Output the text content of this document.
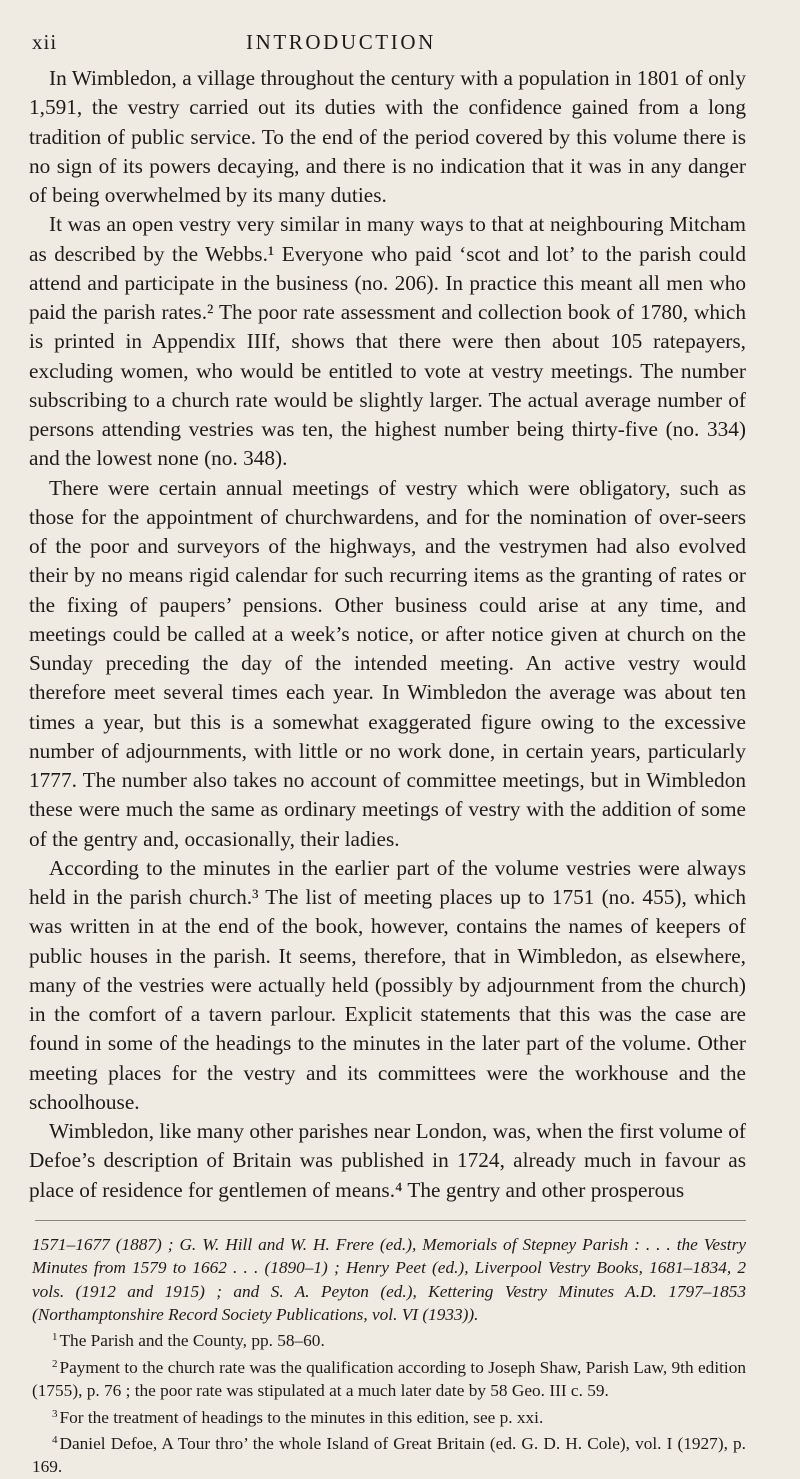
xii	INTRODUCTION

In Wimbledon, a village throughout the century with a population in 1801 of only 1,591, the vestry carried out its duties with the confidence gained from a long tradition of public service. To the end of the period covered by this volume there is no sign of its powers decaying, and there is no indication that it was in any danger of being overwhelmed by its many duties.

It was an open vestry very similar in many ways to that at neighbouring Mitcham as described by the Webbs.¹ Everyone who paid ‘scot and lot’ to the parish could attend and participate in the business (no. 206). In practice this meant all men who paid the parish rates.² The poor rate assessment and collection book of 1780, which is printed in Appendix IIIf, shows that there were then about 105 ratepayers, excluding women, who would be entitled to vote at vestry meetings. The number subscribing to a church rate would be slightly larger. The actual average number of persons attending vestries was ten, the highest number being thirty-five (no. 334) and the lowest none (no. 348).

There were certain annual meetings of vestry which were obligatory, such as those for the appointment of churchwardens, and for the nomination of over-seers of the poor and surveyors of the highways, and the vestrymen had also evolved their by no means rigid calendar for such recurring items as the granting of rates or the fixing of paupers’ pensions. Other business could arise at any time, and meetings could be called at a week’s notice, or after notice given at church on the Sunday preceding the day of the intended meeting. An active vestry would therefore meet several times each year. In Wimbledon the average was about ten times a year, but this is a somewhat exaggerated figure owing to the excessive number of adjournments, with little or no work done, in certain years, particularly 1777. The number also takes no account of committee meetings, but in Wimbledon these were much the same as ordinary meetings of vestry with the addition of some of the gentry and, occasionally, their ladies.

According to the minutes in the earlier part of the volume vestries were always held in the parish church.³ The list of meeting places up to 1751 (no. 455), which was written in at the end of the book, however, contains the names of keepers of public houses in the parish. It seems, therefore, that in Wimbledon, as elsewhere, many of the vestries were actually held (possibly by adjournment from the church) in the comfort of a tavern parlour. Explicit statements that this was the case are found in some of the headings to the minutes in the later part of the volume. Other meeting places for the vestry and its committees were the workhouse and the schoolhouse.

Wimbledon, like many other parishes near London, was, when the first volume of Defoe’s description of Britain was published in 1724, already much in favour as place of residence for gentlemen of means.⁴ The gentry and other prosperous

1571–1677 (1887) ; G. W. Hill and W. H. Frere (ed.), Memorials of Stepney Parish : . . . the Vestry Minutes from 1579 to 1662 . . . (1890–1) ; Henry Peet (ed.), Liverpool Vestry Books, 1681–1834, 2 vols. (1912 and 1915) ; and S. A. Peyton (ed.), Kettering Vestry Minutes A.D. 1797–1853 (Northamptonshire Record Society Publications, vol. VI (1933)).

$^1$ The Parish and the County, pp. 58–60.

$^2$ Payment to the church rate was the qualification according to Joseph Shaw, Parish Law, 9th edition (1755), p. 76 ; the poor rate was stipulated at a much later date by 58 Geo. III c. 59.

$^3$ For the treatment of headings to the minutes in this edition, see p. xxi.

$^4$ Daniel Defoe, A Tour thro’ the whole Island of Great Britain (ed. G. D. H. Cole), vol. I (1927), p. 169.
